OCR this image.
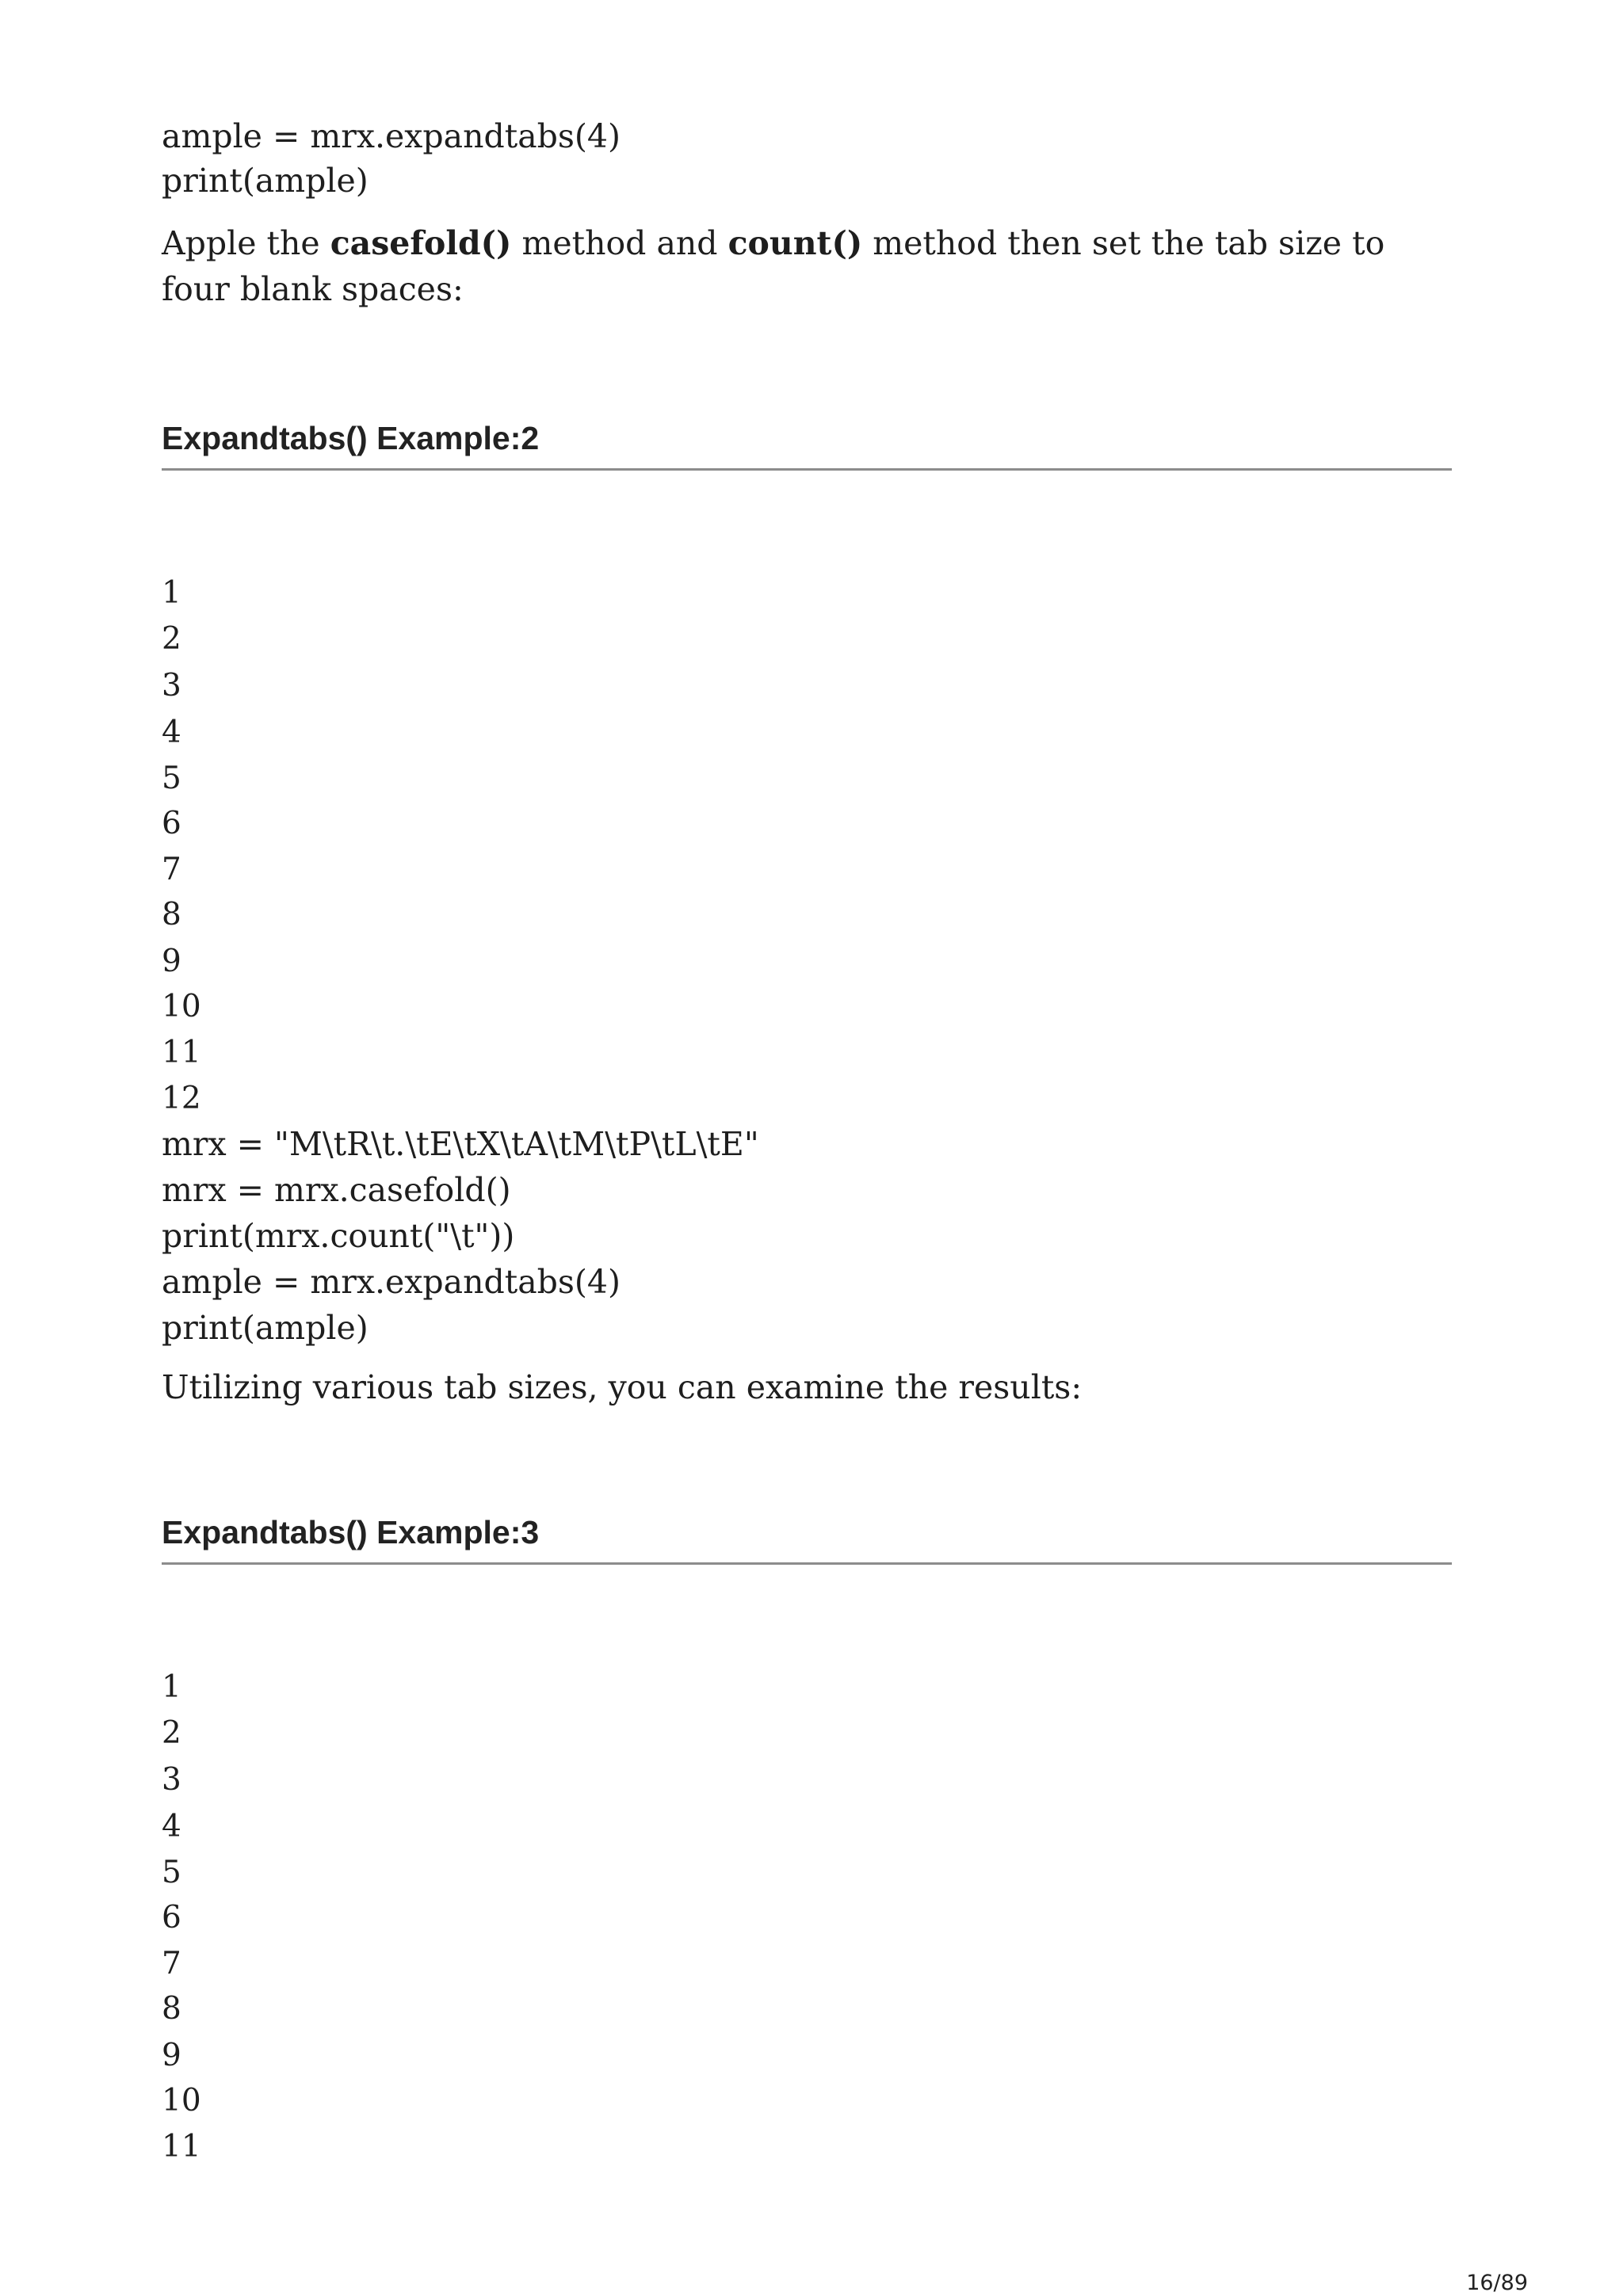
ample = mrx.expandtabs(4)

print(ample)

Apple the casefold() method and count() method then set the tab size to four blank spaces:

Expandtabs() Example:2

1

2

3

4

5

6

7

8

9

10

11

12

mrx = "M\tR\t.\tE\tX\tA\tM\tP\tL\tE"

mrx = mrx.casefold()

print(mrx.count("\t"))

ample = mrx.expandtabs(4)

print(ample)

Utilizing various tab sizes, you can examine the results:

Expandtabs() Example:3

1

2

3

4

5

6

7

8

9

10

11

16/89
